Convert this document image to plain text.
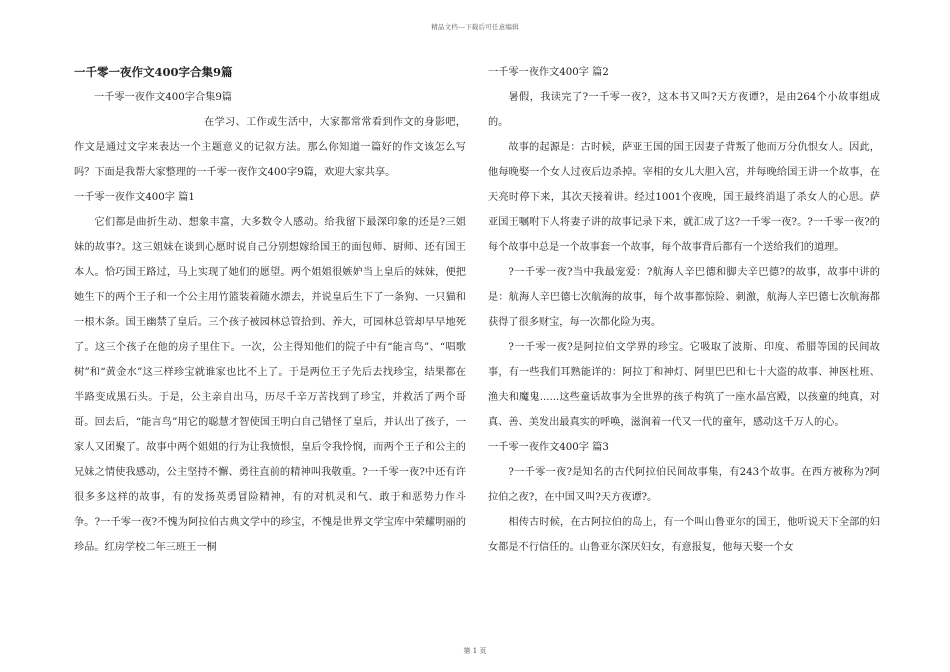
精品文档---下载后可任意编辑

一千零一夜作文400字合集9篇

一千零一夜作文400字合集9篇

在学习、工作或生活中，大家都常常看到作文的身影吧，作文是通过文字来表达一个主题意义的记叙方法。那么你知道一篇好的作文该怎么写吗？下面是我帮大家整理的一千零一夜作文400字9篇，欢迎大家共享。

一千零一夜作文400字 篇1

它们都是曲折生动、想象丰富，大多数令人感动。给我留下最深印象的还是?三姐妹的故事?。这三姐妹在谈到心愿时说自己分别想嫁给国王的面包师、厨师、还有国王本人。恰巧国王路过，马上实现了她们的愿望。两个姐姐很嫉妒当上皇后的妹妹，便把她生下的两个王子和一个公主用竹篮装着随水漂去，并说皇后生下了一条狗、一只猫和一根木条。国王幽禁了皇后。三个孩子被园林总管拾到、养大，可园林总管却早早地死了。这三个孩子在他的房子里住下。一次，公主得知他们的院子中有“能言鸟”、“唱歌树”和“黄金水”这三样珍宝就谁家也比不上了。于是两位王子先后去找珍宝，结果都在半路变成黑石头。于是，公主亲自出马，历尽千辛万苦找到了珍宝，并救活了两个哥哥。回去后，“能言鸟”用它的聪慧才智使国王明白自己错怪了皇后，并认出了孩子，一家人又团聚了。故事中两个姐姐的行为让我愤恨，皇后令我怜悯，而两个王子和公主的兄妹之情使我感动，公主坚持不懈、勇往直前的精神叫我敬重。?一千零一夜?中还有许很多多这样的故事，有的发扬英勇冒险精神，有的对机灵和气、敢于和恶势力作斗争。?一千零一夜?不愧为阿拉伯古典文学中的珍宝，不愧是世界文学宝库中荣耀明丽的珍品。红房学校二年三班王一桐

一千零一夜作文400字 篇2

暑假，我读完了?一千零一夜?，这本书又叫?天方夜谭?，是由264个小故事组成的。

故事的起源是：古时候，萨亚王国的国王因妻子背叛了他而万分仇恨女人。因此，他每晚娶一个女人过夜后边杀掉。宰相的女儿大胆入宫，并每晚给国王讲一个故事，在天亮时停下来，其次天接着讲。经过1001个夜晚，国王最终消退了杀女人的心思。萨亚国王嘱咐下人将妻子讲的故事记录下来，就汇成了这?一千零一夜?。?一千零一夜?的每个故事中总是一个故事套一个故事，每个故事背后都有一个送给我们的道理。

?一千零一夜?当中我最宠爱：?航海人辛巴德和脚夫辛巴德?的故事，故事中讲的是：航海人辛巴德七次航海的故事，每个故事都惊险、刺激，航海人辛巴德七次航海都获得了很多财宝，每一次都化险为夷。

?一千零一夜?是阿拉伯文学界的珍宝。它吸取了波斯、印度、希腊等国的民间故事，有一些我们耳熟能详的：阿拉丁和神灯、阿里巴巴和七十大盗的故事、神医杜班、渔夫和魔鬼......这些童话故事为全世界的孩子构筑了一座水晶宫殿，以孩童的纯真，对真、善、美发出最真实的呼唤，滋润着一代又一代的童年，感动这千万人的心。

一千零一夜作文400字 篇3

?一千零一夜?是知名的古代阿拉伯民间故事集，有243个故事。在西方被称为?阿拉伯之夜?，在中国又叫?天方夜谭?。

相传古时候，在古阿拉伯的岛上，有一个叫山鲁亚尔的国王，他听说天下全部的妇女都是不行信任的。山鲁亚尔深厌妇女，有意报复，他每天娶一个女

第 1 页
